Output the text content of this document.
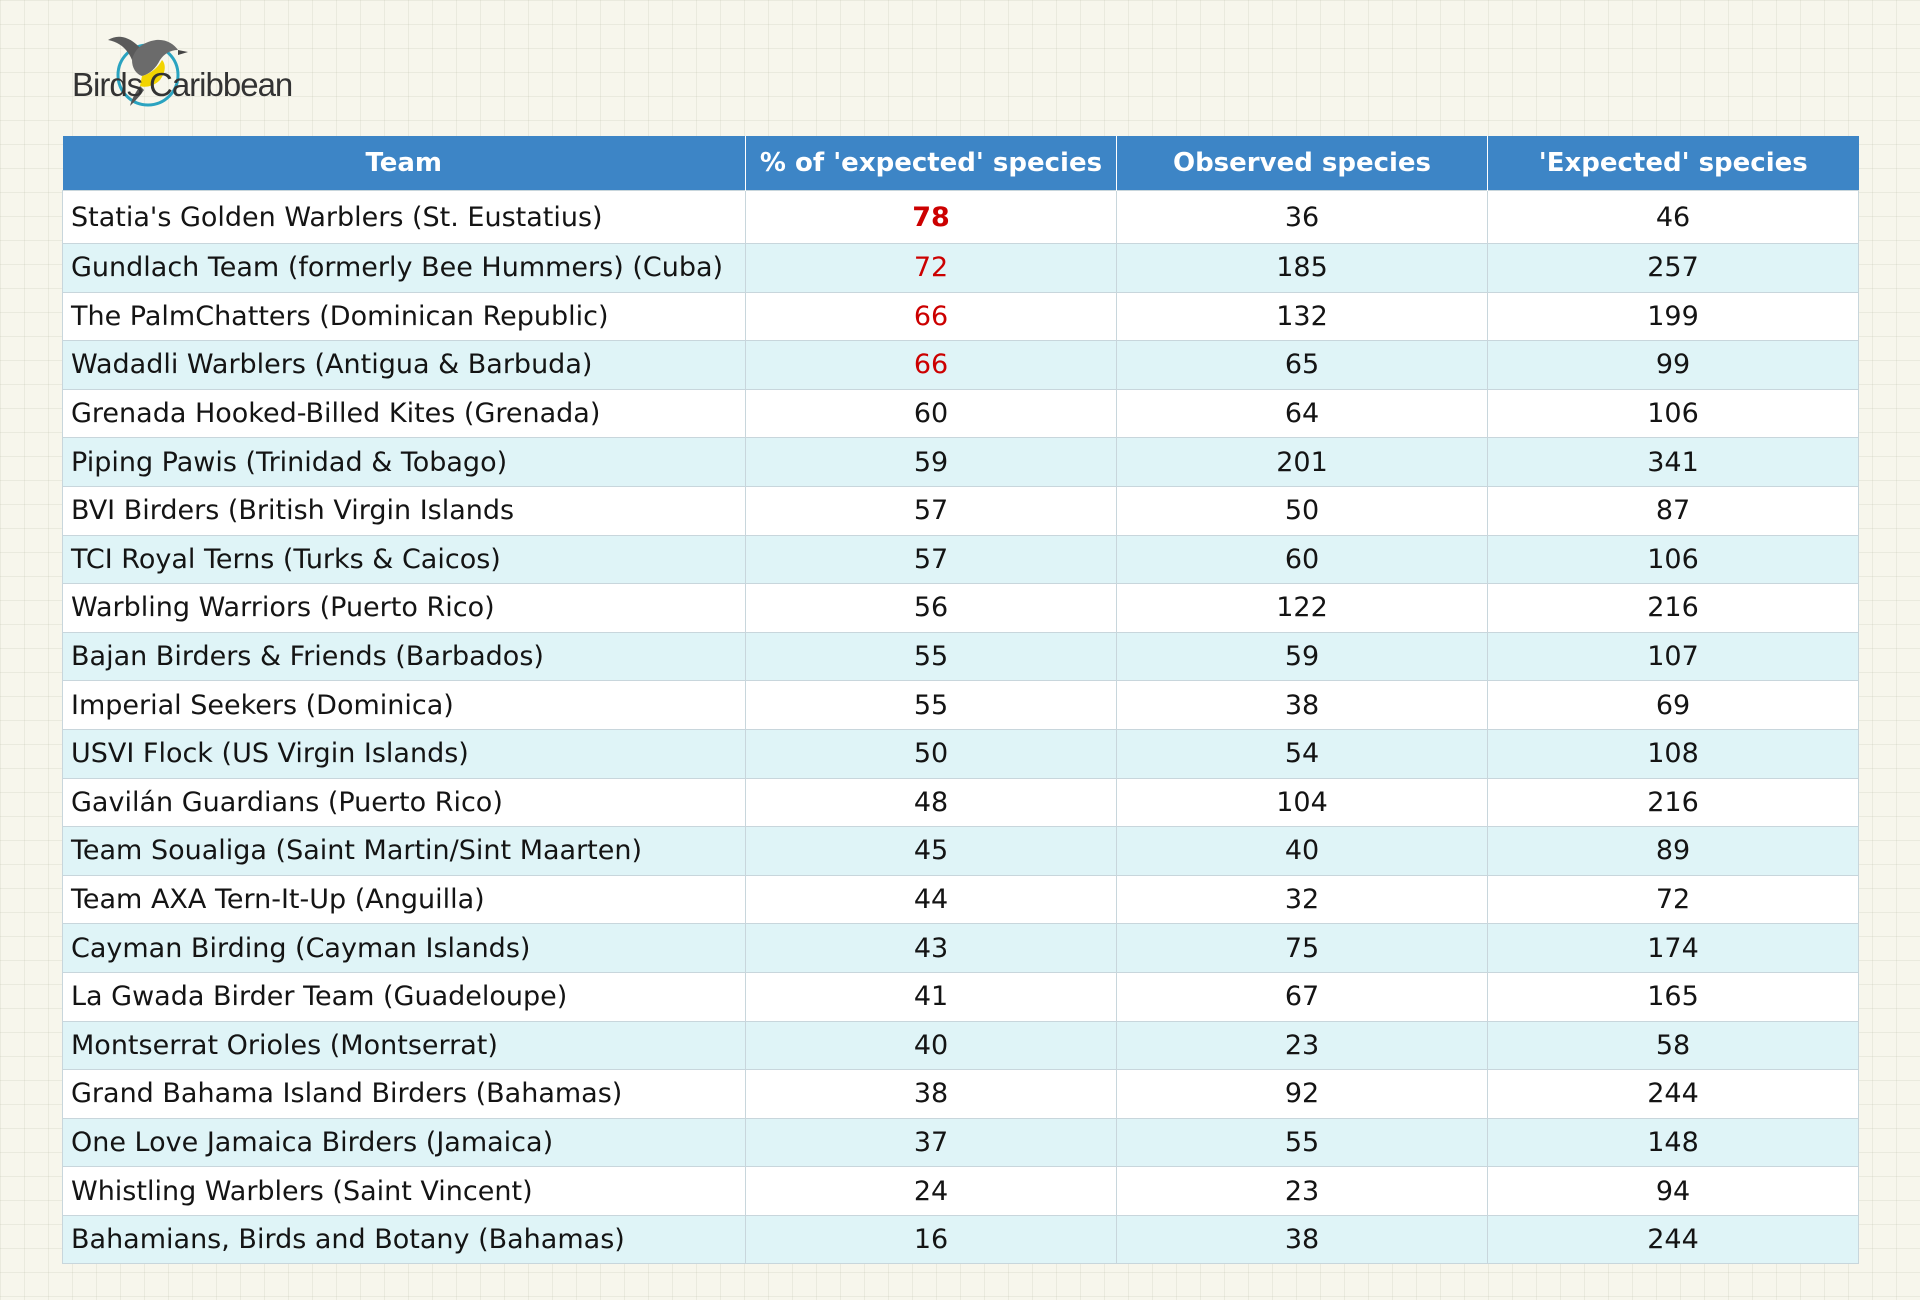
Birds Caribbean
Team	% of 'expected' species	Observed species	'Expected' species
Statia's Golden Warblers (St. Eustatius)	78	36	46
Gundlach Team (formerly Bee Hummers) (Cuba)	72	185	257
The PalmChatters (Dominican Republic)	66	132	199
Wadadli Warblers (Antigua & Barbuda)	66	65	99
Grenada Hooked-Billed Kites (Grenada)	60	64	106
Piping Pawis (Trinidad & Tobago)	59	201	341
BVI Birders (British Virgin Islands	57	50	87
TCI Royal Terns (Turks & Caicos)	57	60	106
Warbling Warriors (Puerto Rico)	56	122	216
Bajan Birders & Friends (Barbados)	55	59	107
Imperial Seekers (Dominica)	55	38	69
USVI Flock (US Virgin Islands)	50	54	108
Gavilán Guardians (Puerto Rico)	48	104	216
Team Soualiga (Saint Martin/Sint Maarten)	45	40	89
Team AXA Tern-It-Up (Anguilla)	44	32	72
Cayman Birding (Cayman Islands)	43	75	174
La Gwada Birder Team (Guadeloupe)	41	67	165
Montserrat Orioles (Montserrat)	40	23	58
Grand Bahama Island Birders (Bahamas)	38	92	244
One Love Jamaica Birders (Jamaica)	37	55	148
Whistling Warblers (Saint Vincent)	24	23	94
Bahamians, Birds and Botany (Bahamas)	16	38	244
